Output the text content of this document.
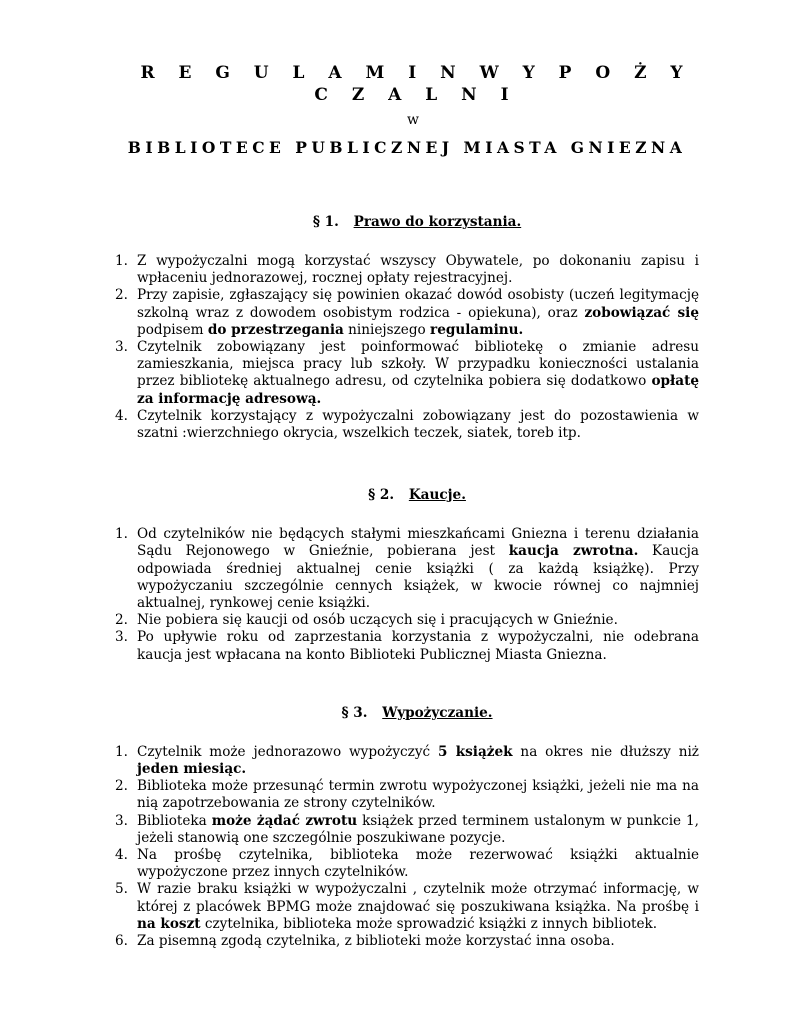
R E G U L A M I N W Y P O Ż Y C Z A L N I
w
BIBLIOTECE PUBLICZNEJ MIASTA GNIEZNA
§ 1. Prawo do korzystania.
1. Z wypożyczalni mogą korzystać wszyscy Obywatele, po dokonaniu zapisu i wpłaceniu jednorazowej, rocznej opłaty rejestracyjnej.
2. Przy zapisie, zgłaszający się powinien okazać dowód osobisty (uczeń legitymację szkolną wraz z dowodem osobistym rodzica - opiekuna), oraz zobowiązać się podpisem do przestrzegania niniejszego regulaminu.
3. Czytelnik zobowiązany jest poinformować bibliotekę o zmianie adresu zamieszkania, miejsca pracy lub szkoły. W przypadku konieczności ustalania przez bibliotekę aktualnego adresu, od czytelnika pobiera się dodatkowo opłatę za informację adresową.
4. Czytelnik korzystający z wypożyczalni zobowiązany jest do pozostawienia w szatni :wierzchniego okrycia, wszelkich teczek, siatek, toreb itp.
§ 2. Kaucje.
1. Od czytelników nie będących stałymi mieszkańcami Gniezna i terenu działania Sądu Rejonowego w Gnieźnie, pobierana jest kaucja zwrotna. Kaucja odpowiada średniej aktualnej cenie książki ( za każdą książkę). Przy wypożyczaniu szczególnie cennych książek, w kwocie równej co najmniej aktualnej, rynkowej cenie książki.
2. Nie pobiera się kaucji od osób uczących się i pracujących w Gnieźnie.
3. Po upływie roku od zaprzestania korzystania z wypożyczalni, nie odebrana kaucja jest wpłacana na konto Biblioteki Publicznej Miasta Gniezna.
§ 3. Wypożyczanie.
1. Czytelnik może jednorazowo wypożyczyć 5 książek na okres nie dłuższy niż jeden miesiąc.
2. Biblioteka może przesunąć termin zwrotu wypożyczonej książki, jeżeli nie ma na nią zapotrzebowania ze strony czytelników.
3. Biblioteka może żądać zwrotu książek przed terminem ustalonym w punkcie 1, jeżeli stanowią one szczególnie poszukiwane pozycje.
4. Na prośbę czytelnika, biblioteka może rezerwować książki aktualnie wypożyczone przez innych czytelników.
5. W razie braku książki w wypożyczalni , czytelnik może otrzymać informację, w której z placówek BPMG może znajdować się poszukiwana książka. Na prośbę i na koszt czytelnika, biblioteka może sprowadzić książki z innych bibliotek.
6. Za pisemną zgodą czytelnika, z biblioteki może korzystać inna osoba.
